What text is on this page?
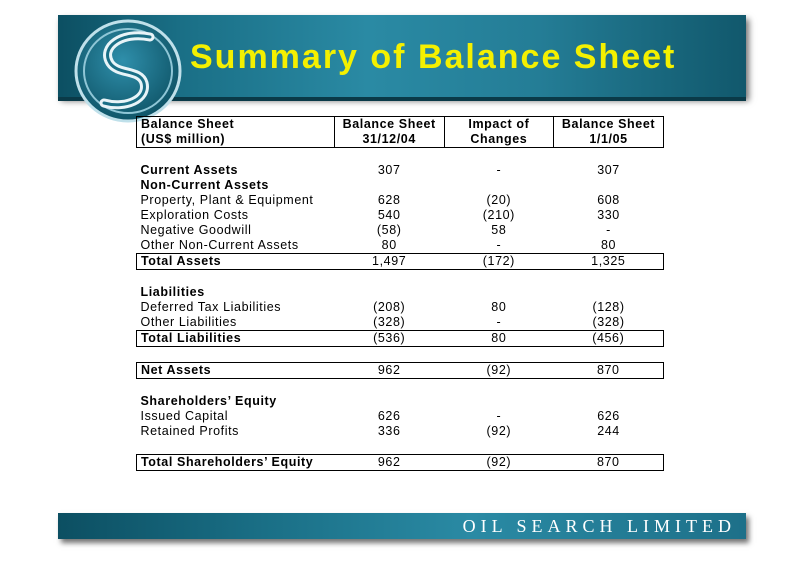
Summary of Balance Sheet
Balance Sheet	Balance Sheet	Impact of	Balance Sheet
(US$ million)	31/12/04	Changes	1/1/05

Current Assets	307	-	307
Non-Current Assets			
Property, Plant & Equipment	628	(20)	608
Exploration Costs	540	(210)	330
Negative Goodwill	(58)	58	-
Other Non-Current Assets	80	-	80
Total Assets	1,497	(172)	1,325

Liabilities			
Deferred Tax Liabilities	(208)	80	(128)
Other Liabilities	(328)	-	(328)
Total Liabilities	(536)	80	(456)

Net Assets	962	(92)	870

Shareholders’ Equity			
Issued Capital	626	-	626
Retained Profits	336	(92)	244

Total Shareholders’ Equity	962	(92)	870
OIL SEARCH LIMITED
